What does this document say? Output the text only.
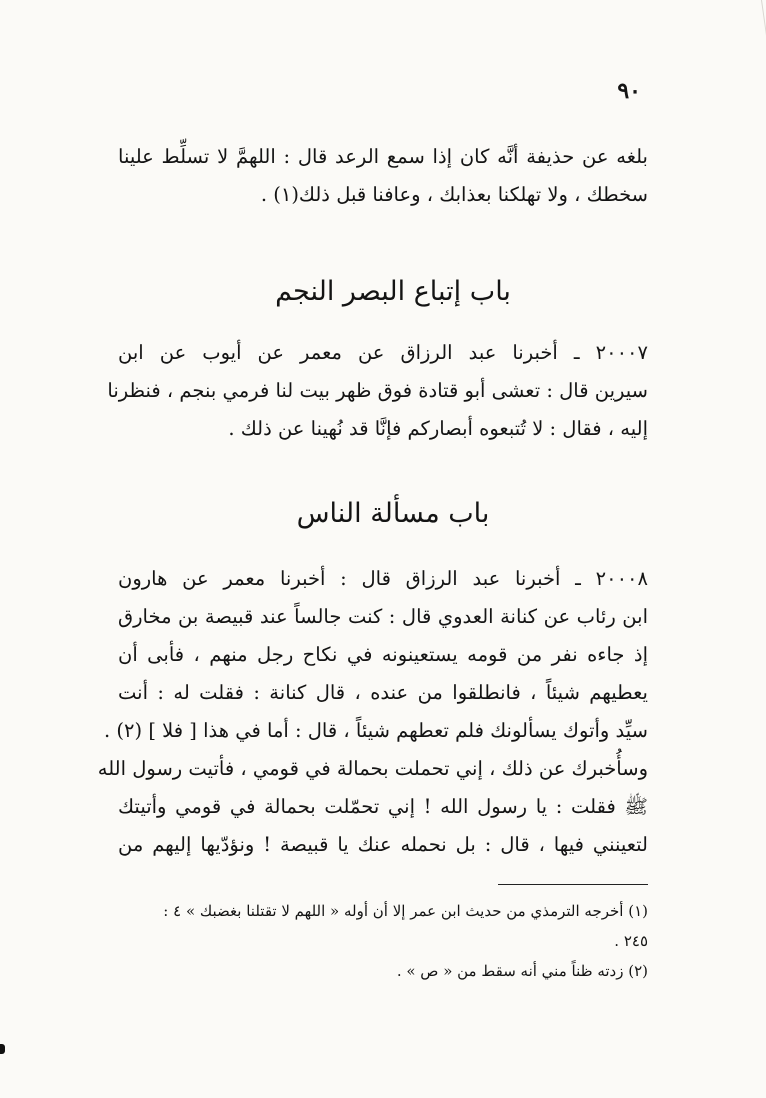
٩٠
بلغه عن حذيفة أنَّه كان إذا سمع الرعد قال : اللهمَّ لا تسلِّط علينا
سخطك ، ولا تهلكنا بعذابك ، وعافنا قبل ذلك(١) .
باب إتباع البصر النجم
٢٠٠٠٧ ـ أخبرنا عبد الرزاق عن معمر عن أيوب عن ابن
سيرين قال : تعشى أبو قتادة فوق ظهر بيت لنا فرمي بنجم ، فنظرنا
إليه ، فقال : لا تُتبعوه أبصاركم فإنَّا قد نُهينا عن ذلك .
باب مسألة الناس
٢٠٠٠٨ ـ أخبرنا عبد الرزاق قال : أخبرنا معمر عن هارون
ابن رئاب عن كنانة العدوي قال : كنت جالساً عند قبيصة بن مخارق
إذ جاءه نفر من قومه يستعينونه في نكاح رجل منهم ، فأبى أن
يعطيهم شيئاً ، فانطلقوا من عنده ، قال كنانة : فقلت له : أنت
سيِّد وأتوك يسألونك فلم تعطهم شيئاً ، قال : أما في هذا [ فلا ] (٢) .
وسأُخبرك عن ذلك ، إني تحملت بحمالة في قومي ، فأتيت رسول الله
ﷺ فقلت : يا رسول الله ! إني تحمّلت بحمالة في قومي وأتيتك
لتعينني فيها ، قال : بل نحمله عنك يا قبيصة ! ونؤدّيها إليهم من
(١) أخرجه الترمذي من حديث ابن عمر إلا أن أوله « اللهم لا تقتلنا بغضبك » ٤ :
٢٤٥ .
(٢) زدته ظناً مني أنه سقط من « ص » .
